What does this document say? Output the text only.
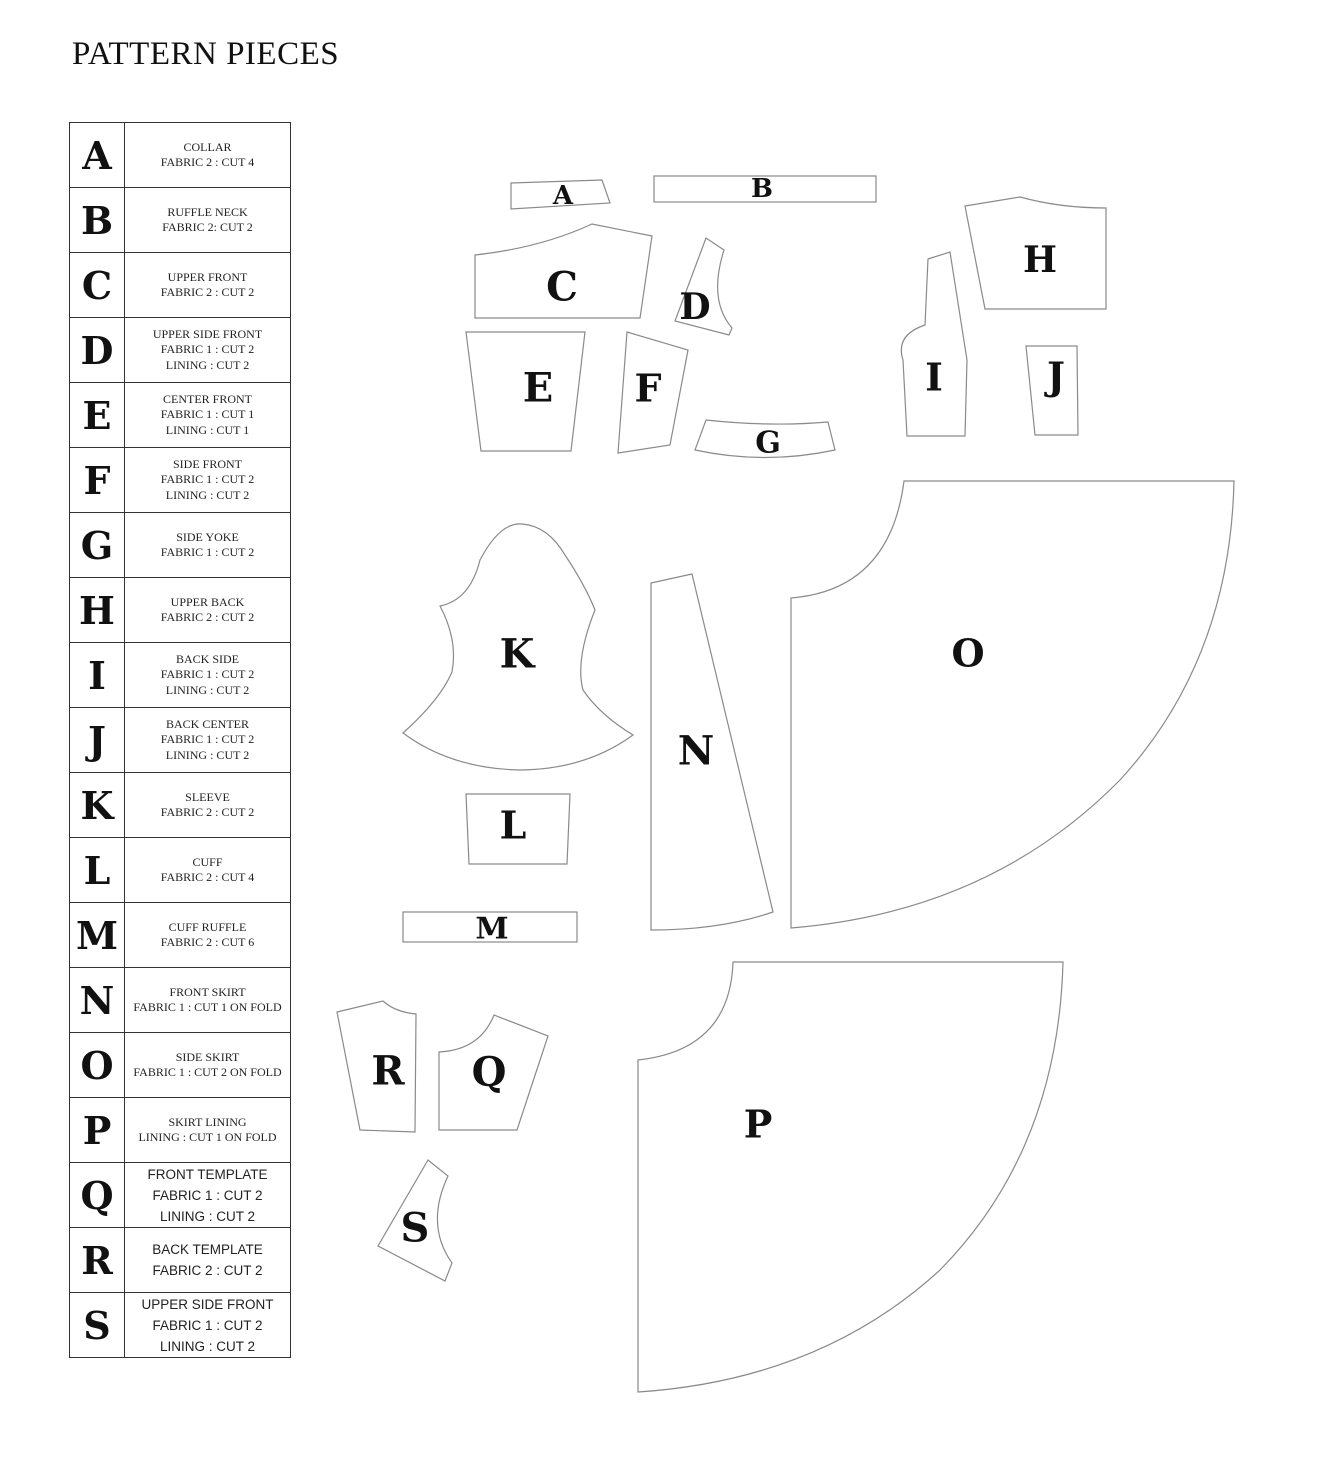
PATTERN PIECES
A	COLLAR
FABRIC 2 : CUT 4

B	RUFFLE NECK
FABRIC 2: CUT 2

C	UPPER FRONT
FABRIC 2 : CUT 2

D	UPPER SIDE FRONT
FABRIC 1 : CUT 2
LINING : CUT 2

E	CENTER FRONT
FABRIC 1 : CUT 1
LINING : CUT 1

F	SIDE FRONT
FABRIC 1 : CUT 2
LINING : CUT 2

G	SIDE YOKE
FABRIC 1 : CUT 2

H	UPPER BACK
FABRIC 2 : CUT 2

I	BACK SIDE
FABRIC 1 : CUT 2
LINING : CUT 2

J	BACK CENTER
FABRIC 1 : CUT 2
LINING : CUT 2

K	SLEEVE
FABRIC 2 : CUT 2

L	CUFF
FABRIC 2 : CUT 4

M	CUFF RUFFLE
FABRIC 2 : CUT 6

N	FRONT SKIRT
FABRIC 1 : CUT 1 ON FOLD

O	SIDE SKIRT
FABRIC 1 : CUT 2 ON FOLD

P	SKIRT LINING
LINING : CUT 1 ON FOLD

Q	FRONT TEMPLATE
FABRIC 1 : CUT 2
LINING : CUT 2

R	BACK TEMPLATE
FABRIC 2 : CUT 2

S	UPPER SIDE FRONT
FABRIC 1 : CUT 2
LINING : CUT 2
A	B
C	D
E F
G
H
I	J
K
L
M
N
O
P
R Q
S
